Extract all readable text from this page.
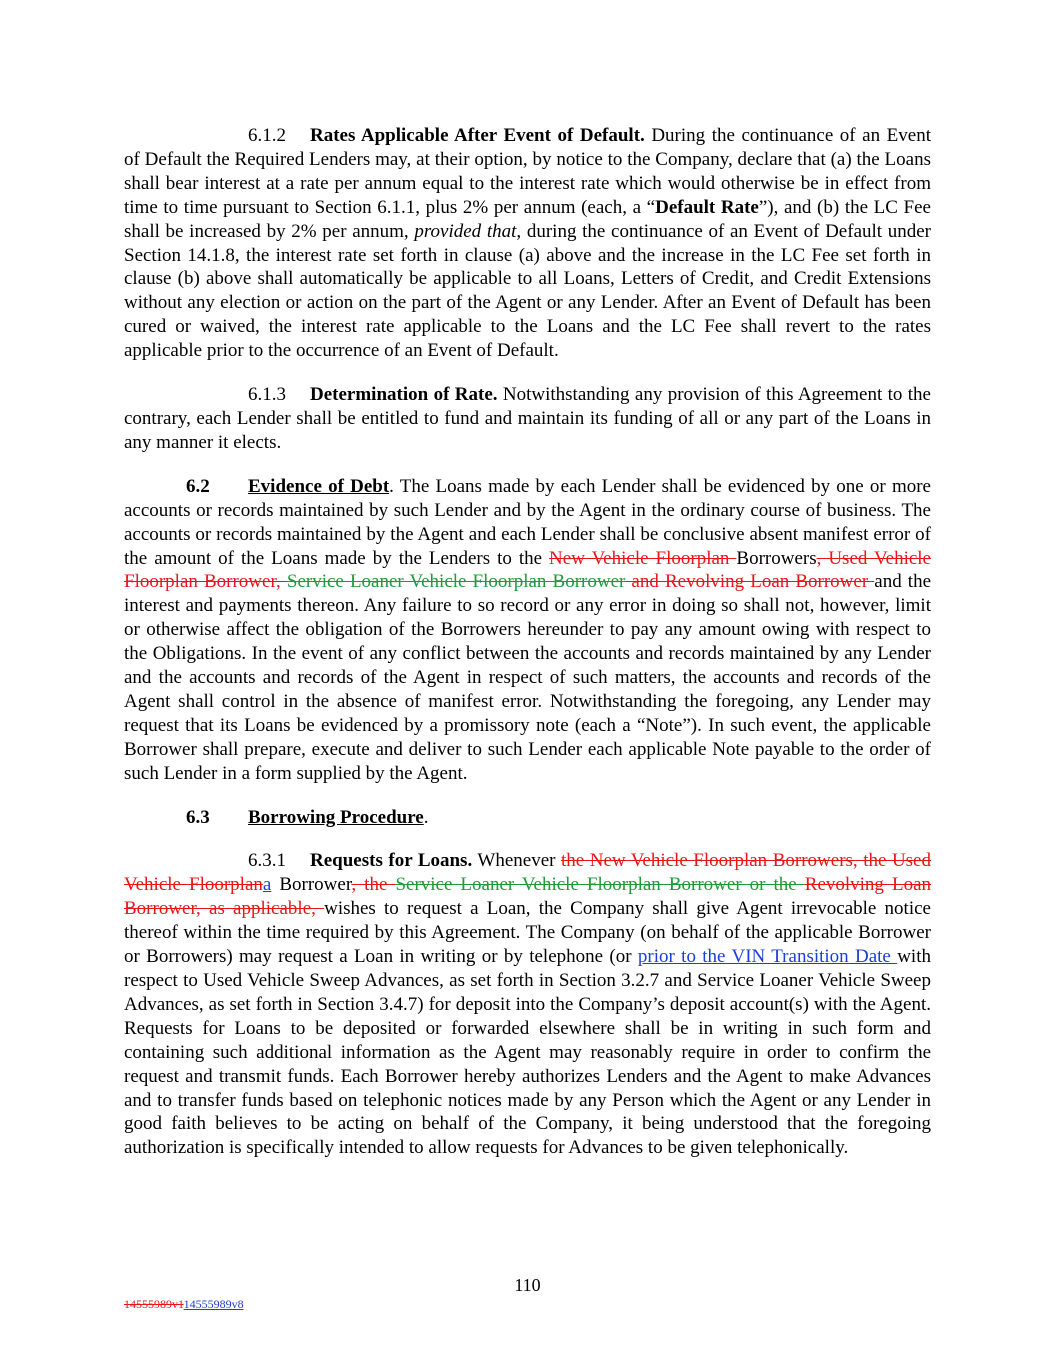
6.1.2 Rates Applicable After Event of Default. During the continuance of an Event of Default the Required Lenders may, at their option, by notice to the Company, declare that (a) the Loans shall bear interest at a rate per annum equal to the interest rate which would otherwise be in effect from time to time pursuant to Section 6.1.1, plus 2% per annum (each, a “Default Rate”), and (b) the LC Fee shall be increased by 2% per annum, provided that, during the continuance of an Event of Default under Section 14.1.8, the interest rate set forth in clause (a) above and the increase in the LC Fee set forth in clause (b) above shall automatically be applicable to all Loans, Letters of Credit, and Credit Extensions without any election or action on the part of the Agent or any Lender. After an Event of Default has been cured or waived, the interest rate applicable to the Loans and the LC Fee shall revert to the rates applicable prior to the occurrence of an Event of Default.

6.1.3 Determination of Rate. Notwithstanding any provision of this Agreement to the contrary, each Lender shall be entitled to fund and maintain its funding of all or any part of the Loans in any manner it elects.

6.2 Evidence of Debt. The Loans made by each Lender shall be evidenced by one or more accounts or records maintained by such Lender and by the Agent in the ordinary course of business. The accounts or records maintained by the Agent and each Lender shall be conclusive absent manifest error of the amount of the Loans made by the Lenders to the New Vehicle Floorplan Borrowers, Used Vehicle Floorplan Borrower, Service Loaner Vehicle Floorplan Borrower and Revolving Loan Borrower and the interest and payments thereon. Any failure to so record or any error in doing so shall not, however, limit or otherwise affect the obligation of the Borrowers hereunder to pay any amount owing with respect to the Obligations. In the event of any conflict between the accounts and records maintained by any Lender and the accounts and records of the Agent in respect of such matters, the accounts and records of the Agent shall control in the absence of manifest error. Notwithstanding the foregoing, any Lender may request that its Loans be evidenced by a promissory note (each a “Note”). In such event, the applicable Borrower shall prepare, execute and deliver to such Lender each applicable Note payable to the order of such Lender in a form supplied by the Agent.

6.3 Borrowing Procedure.

6.3.1 Requests for Loans. Whenever the New Vehicle Floorplan Borrowers, the Used Vehicle Floorplana Borrower, the Service Loaner Vehicle Floorplan Borrower or the Revolving Loan Borrower, as applicable, wishes to request a Loan, the Company shall give Agent irrevocable notice thereof within the time required by this Agreement. The Company (on behalf of the applicable Borrower or Borrowers) may request a Loan in writing or by telephone (or prior to the VIN Transition Date with respect to Used Vehicle Sweep Advances, as set forth in Section 3.2.7 and Service Loaner Vehicle Sweep Advances, as set forth in Section 3.4.7) for deposit into the Company’s deposit account(s) with the Agent. Requests for Loans to be deposited or forwarded elsewhere shall be in writing in such form and containing such additional information as the Agent may reasonably require in order to confirm the request and transmit funds. Each Borrower hereby authorizes Lenders and the Agent to make Advances and to transfer funds based on telephonic notices made by any Person which the Agent or any Lender in good faith believes to be acting on behalf of the Company, it being understood that the foregoing authorization is specifically intended to allow requests for Advances to be given telephonically.

110
14555989v114555989v8
